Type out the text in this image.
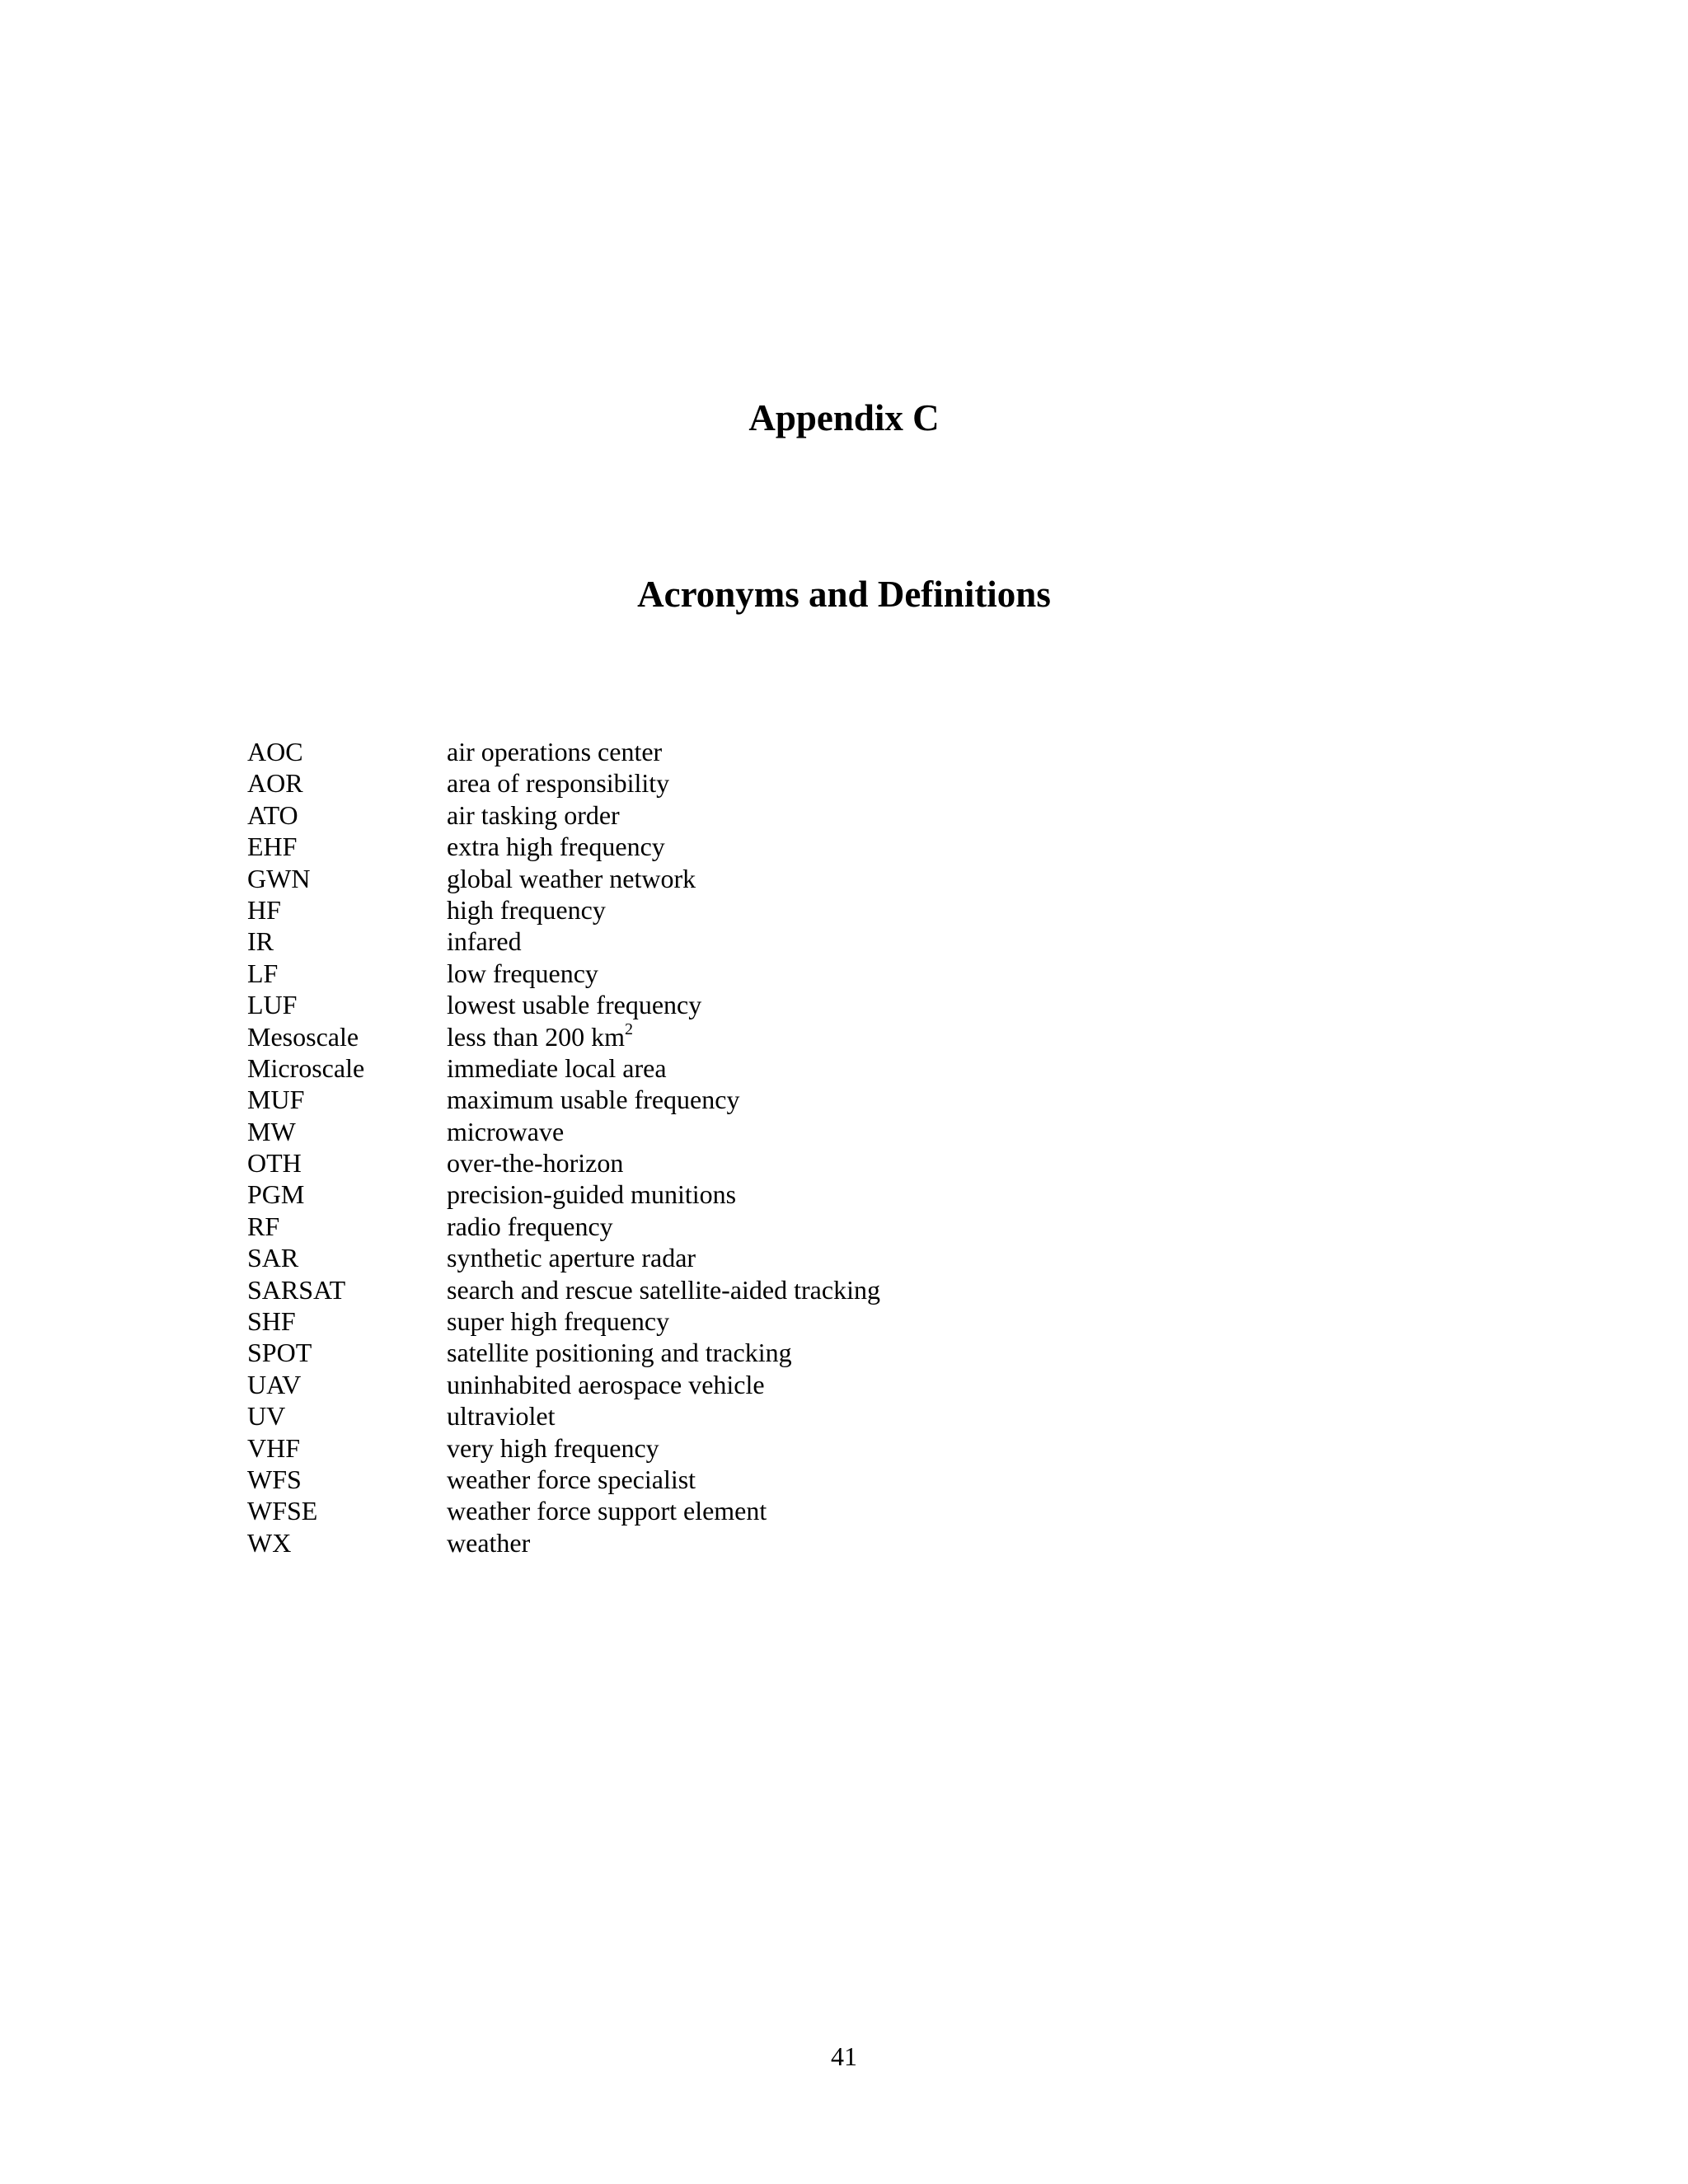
Appendix C
Acronyms and Definitions
AOC	air operations center
AOR	area of responsibility
ATO	air tasking order
EHF	extra high frequency
GWN	global weather network
HF	high frequency
IR	infared
LF	low frequency
LUF	lowest usable frequency
Mesoscale	less than 200 $km^2$
Microscale	immediate local area
MUF	maximum usable frequency
MW	microwave
OTH	over-the-horizon
PGM	precision-guided munitions
RF	radio frequency
SAR	synthetic aperture radar
SARSAT	search and rescue satellite-aided tracking
SHF	super high frequency
SPOT	satellite positioning and tracking
UAV	uninhabited aerospace vehicle
UV	ultraviolet
VHF	very high frequency
WFS	weather force specialist
WFSE	weather force support element
WX	weather
41
